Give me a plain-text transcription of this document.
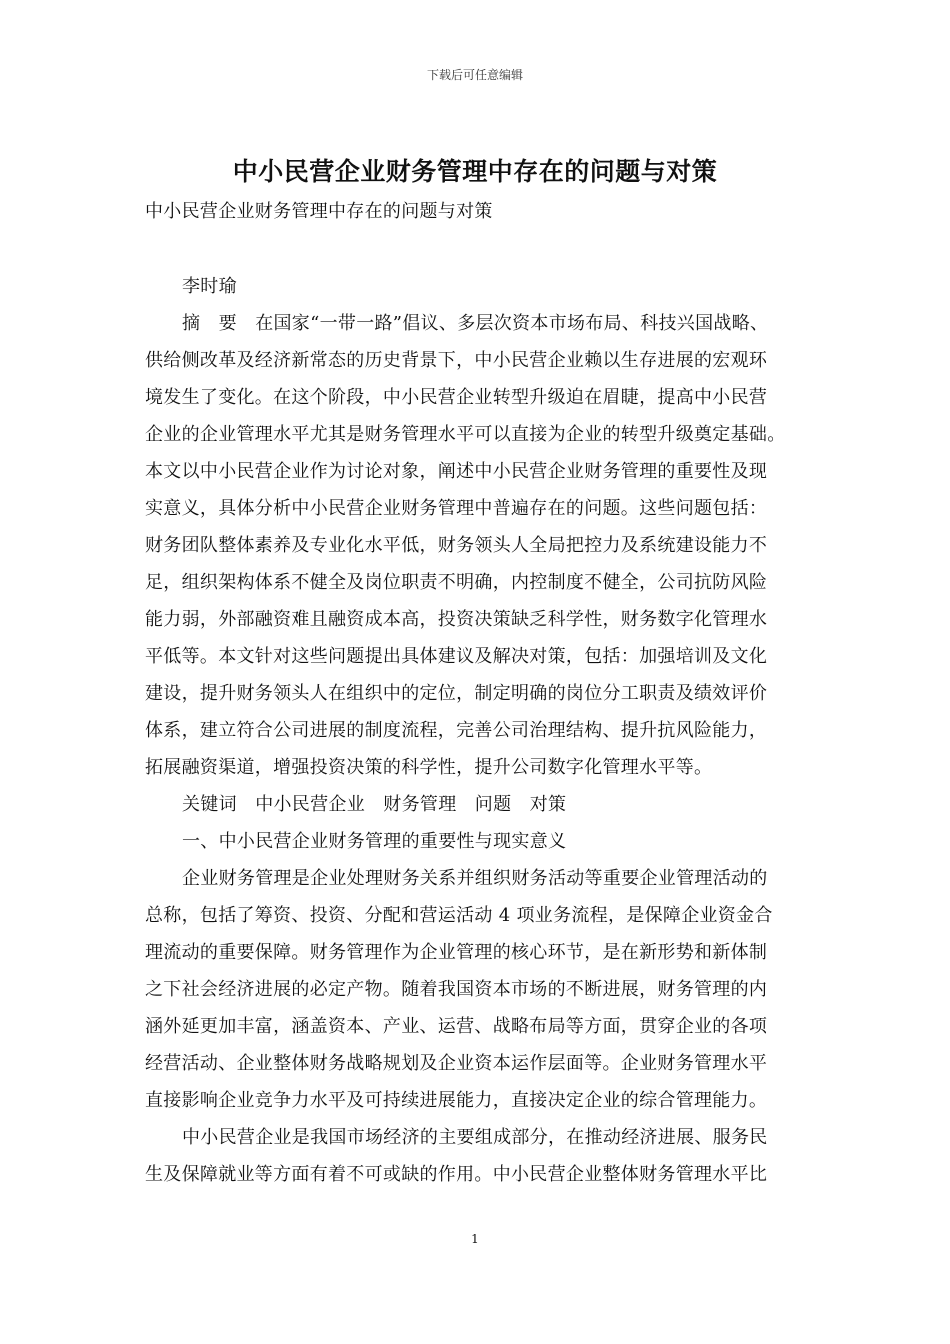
下载后可任意编辑
中小民营企业财务管理中存在的问题与对策
中小民营企业财务管理中存在的问题与对策
李时瑜
摘　要　在国家“一带一路”倡议、多层次资本市场布局、科技兴国战略、
供给侧改革及经济新常态的历史背景下，中小民营企业赖以生存进展的宏观环
境发生了变化。在这个阶段，中小民营企业转型升级迫在眉睫，提高中小民营
企业的企业管理水平尤其是财务管理水平可以直接为企业的转型升级奠定基础。
本文以中小民营企业作为讨论对象，阐述中小民营企业财务管理的重要性及现
实意义，具体分析中小民营企业财务管理中普遍存在的问题。这些问题包括：
财务团队整体素养及专业化水平低，财务领头人全局把控力及系统建设能力不
足，组织架构体系不健全及岗位职责不明确，内控制度不健全，公司抗防风险
能力弱，外部融资难且融资成本高，投资决策缺乏科学性，财务数字化管理水
平低等。本文针对这些问题提出具体建议及解决对策，包括：加强培训及文化
建设，提升财务领头人在组织中的定位，制定明确的岗位分工职责及绩效评价
体系，建立符合公司进展的制度流程，完善公司治理结构、提升抗风险能力，
拓展融资渠道，增强投资决策的科学性，提升公司数字化管理水平等。
关键词　中小民营企业　财务管理　问题　对策
一、中小民营企业财务管理的重要性与现实意义
企业财务管理是企业处理财务关系并组织财务活动等重要企业管理活动的
总称，包括了筹资、投资、分配和营运活动 4 项业务流程，是保障企业资金合
理流动的重要保障。财务管理作为企业管理的核心环节，是在新形势和新体制
之下社会经济进展的必定产物。随着我国资本市场的不断进展，财务管理的内
涵外延更加丰富，涵盖资本、产业、运营、战略布局等方面，贯穿企业的各项
经营活动、企业整体财务战略规划及企业资本运作层面等。企业财务管理水平
直接影响企业竞争力水平及可持续进展能力，直接决定企业的综合管理能力。
中小民营企业是我国市场经济的主要组成部分，在推动经济进展、服务民
生及保障就业等方面有着不可或缺的作用。中小民营企业整体财务管理水平比
1
